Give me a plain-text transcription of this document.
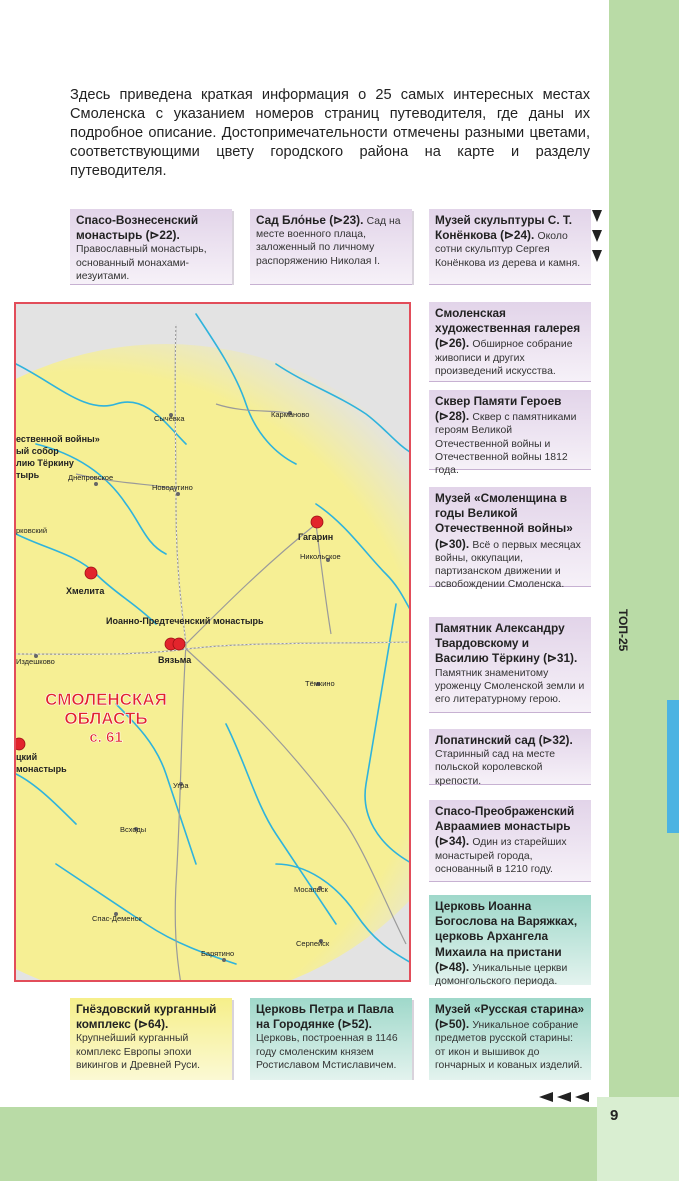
ТОП-25
9

Здесь приведена краткая информация о 25 самых интересных местах Смоленска с указанием номеров страниц путеводителя, где даны их подробное описание. Достопримечательности отмечены разными цветами, соответствующими цвету городского района на карте и разделу путеводителя.

Спасо-Вознесенский монастырь (⊳22). Православный монастырь, основанный монахами-иезуитами.
Сад Бло́нье (⊳23). Сад на месте военного плаца, заложенный по личному распоряжению Николая I.
Музей скульптуры С. Т. Конёнкова (⊳24). Около сотни скульптур Сергея Конёнкова из дерева и камня.
Смоленская художественная галерея (⊳26). Обширное собрание живописи и других произведений искусства.
Сквер Памяти Героев (⊳28). Сквер с памятниками героям Великой Отечественной войны и Отечественной войны 1812 года.
Музей «Смоленщина в годы Великой Отечественной войны» (⊳30). Всё о первых месяцах войны, оккупации, партизанском движении и освобождении Смоленска.
Памятник Александру Твардовскому и Василию Тёркину (⊳31). Памятник знаменитому уроженцу Смоленской земли и его литературному герою.
Лопатинский сад (⊳32). Старинный сад на месте польской королевской крепости.
Спасо-Преображенский Авраамиев монастырь (⊳34). Один из старейших монастырей города, основанный в 1210 году.
Церковь Иоанна Богослова на Варяжках, церковь Архангела Михаила на пристани (⊳48). Уникальные церкви домонгольского периода.
Гнёздовский курганный комплекс (⊳64). Крупнейший курганный комплекс Европы эпохи викингов и Древней Руси.
Церковь Петра и Павла на Городянке (⊳52). Церковь, построенная в 1146 году смоленским князем Ростиславом Мстиславичем.
Музей «Русская старина» (⊳50). Уникальное собрание предметов русской старины: от икон и вышивок до гончарных и кованых изделий.
Сычёвка	Карманово
Днепровское
Новодугино
Гагарин
Никольское
Хмелита
Иоанно-Предтеченский монастырь
Вязьма
Издешково
Тёмкино
Угра
Всходы
Спас-Деменск
Мосальск
Серпейск
Барятино
ественной войны»
ый собор
лию Тёркину
тырь
рковский
цкий
монастырь
СМОЛЕНСКАЯ
ОБЛАСТЬ
с. 61
